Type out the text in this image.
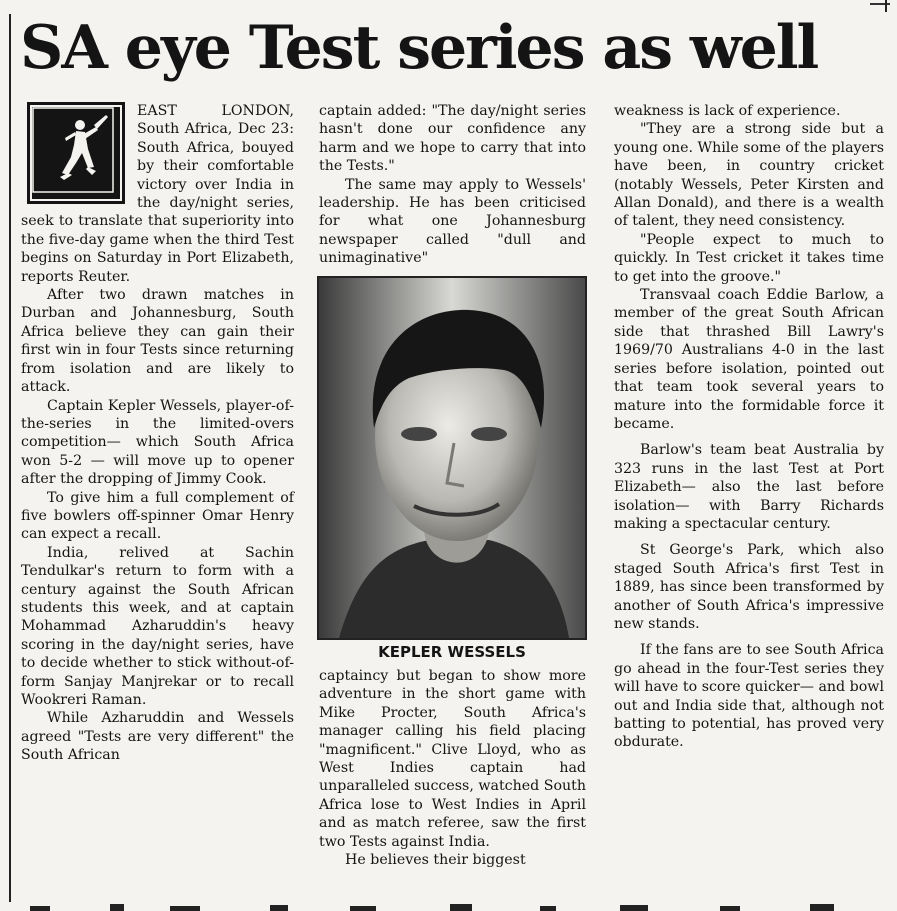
SA eye Test series as well

EAST LONDON, South Africa, Dec 23: South Africa, bouyed by their comfortable victory over India in the day/night series, seek to translate that superiority into the five-day game when the third Test begins on Saturday in Port Elizabeth, reports Reuter.

After two drawn matches in Durban and Johannesburg, South Africa believe they can gain their first win in four Tests since returning from isolation and are likely to attack.

Captain Kepler Wessels, player-of-the-series in the limited-overs competition— which South Africa won 5-2 — will move up to opener after the dropping of Jimmy Cook.

To give him a full complement of five bowlers off-spinner Omar Henry can expect a recall.

India, relived at Sachin Tendulkar's return to form with a century against the South African students this week, and at captain Mohammad Azharuddin's heavy scoring in the day/night series, have to decide whether to stick without-of-form Sanjay Manjrekar or to recall Wookreri Raman.

While Azharuddin and Wessels agreed "Tests are very different" the South African

captain added: "The day/night series hasn't done our confidence any harm and we hope to carry that into the Tests."

The same may apply to Wessels' leadership. He has been criticised for what one Johannesburg newspaper called "dull and unimaginative"

KEPLER WESSELS

captaincy but began to show more adventure in the short game with Mike Procter, South Africa's manager calling his field placing "magnificent." Clive Lloyd, who as West Indies captain had unparalleled success, watched South Africa lose to West Indies in April and as match referee, saw the first two Tests against India.

He believes their biggest

weakness is lack of experience.

"They are a strong side but a young one. While some of the players have been, in country cricket (notably Wessels, Peter Kirsten and Allan Donald), and there is a wealth of talent, they need consistency.

"People expect to much to quickly. In Test cricket it takes time to get into the groove."

Transvaal coach Eddie Barlow, a member of the great South African side that thrashed Bill Lawry's 1969/70 Australians 4-0 in the last series before isolation, pointed out that team took several years to mature into the formidable force it became.

Barlow's team beat Australia by 323 runs in the last Test at Port Elizabeth— also the last before isolation— with Barry Richards making a spectacular century.

St George's Park, which also staged South Africa's first Test in 1889, has since been transformed by another of South Africa's impressive new stands.

If the fans are to see South Africa go ahead in the four-Test series they will have to score quicker— and bowl out and India side that, although not batting to potential, has proved very obdurate.
